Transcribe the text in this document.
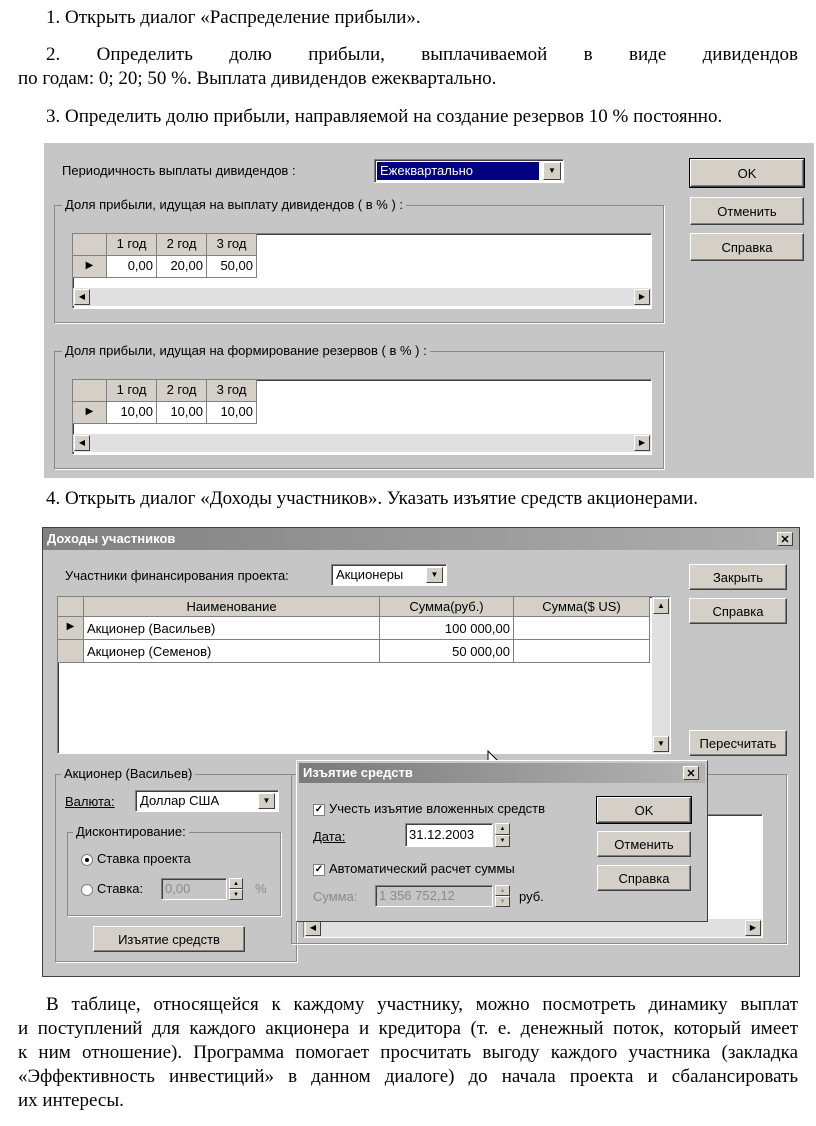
1. Открыть диалог «Распределение прибыли».
2. Определить долю прибыли, выплачиваемой в виде дивидендов
по годам: 0; 20; 50 %. Выплата дивидендов ежеквартально.
3. Определить долю прибыли, направляемой на создание резервов 10 % постоянно.
Периодичность выплаты дивидендов :	Ежеквартально	▼	OK
Отменить
Справка
Доля прибыли, идущая на выплату дивидендов ( в % ) :
1 год	2 год	3 год
▶	0,00	20,00	50,00
◀	▶
Доля прибыли, идущая на формирование резервов ( в % ) :
1 год	2 год	3 год
▶	10,00	10,00	10,00
◀	▶
4. Открыть диалог «Доходы участников». Указать изъятие средств акционерами.
Доходы участников	✕
Участники финансирования проекта:	Акционеры	▼	Закрыть
Справка
Пересчитать
Наименование	Сумма(руб.)	Сумма($ US)
▶ Акционер (Васильев)	100 000,00
Акционер (Семенов)	50 000,00
▲
▼
Акционер (Васильев)
Валюта: Доллар США	▼
Дисконтирование:
Ставка проекта
Ставка: 0,00	▲
▼	%
Изъятие средств
◀	▶
Изъятие средств	✕
✓ Учесть изъятие вложенных средств
Дата:	31.12.2003	▲
▼
✓ Автоматический расчет суммы
Сумма: 1 356 752,12	▲
▼	руб.
OK
Отменить
Справка
В таблице, относящейся к каждому участнику, можно посмотреть динамику выплат
и поступлений для каждого акционера и кредитора (т. е. денежный поток, который имеет
к ним отношение). Программа помогает просчитать выгоду каждого участника (закладка
«Эффективность инвестиций» в данном диалоге) до начала проекта и сбалансировать
их интересы.
